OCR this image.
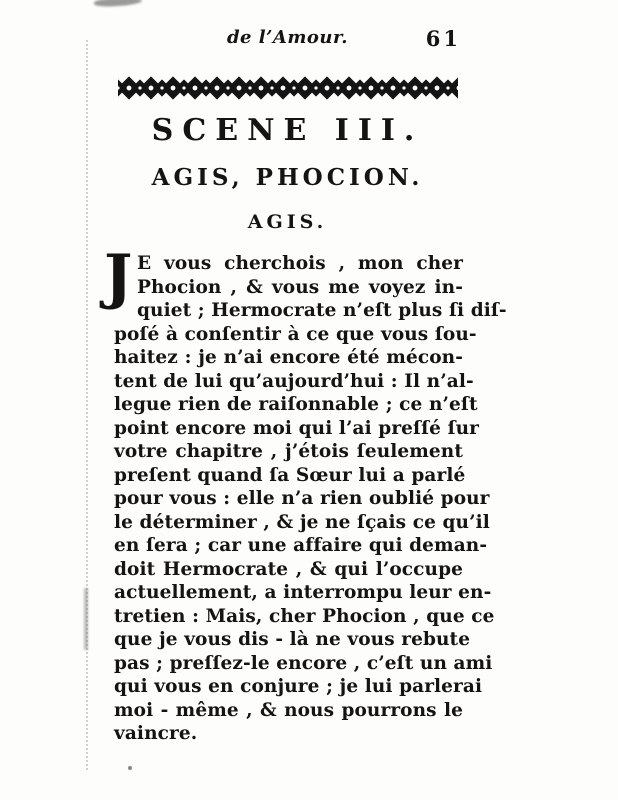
de l’Amour.	61
SCENE III.
AGIS, PHOCION.
AGIS.
J E vous cherchois , mon cher
Phocion , & vous me voyez in-
quiet ; Hermocrate n’eſt plus ſi diſ-
poſé à conſentir à ce que vous ſou-
haitez : je n’ai encore été mécon-
tent de lui qu’aujourd’hui : Il n’al-
legue rien de raiſonnable ; ce n’eſt
point encore moi qui l’ai preſſé ſur
votre chapitre , j’étois ſeulement
preſent quand ſa Sœur lui a parlé
pour vous : elle n’a rien oublié pour
le déterminer , & je ne ſçais ce qu’il
en ſera ; car une affaire qui deman-
doit Hermocrate , & qui l’occupe
actuellement, a interrompu leur en-
tretien : Mais, cher Phocion , que ce
que je vous dis - là ne vous rebute
pas ; preſſez-le encore , c’eſt un ami
qui vous en conjure ; je lui parlerai
moi - même , & nous pourrons le
vaincre.
